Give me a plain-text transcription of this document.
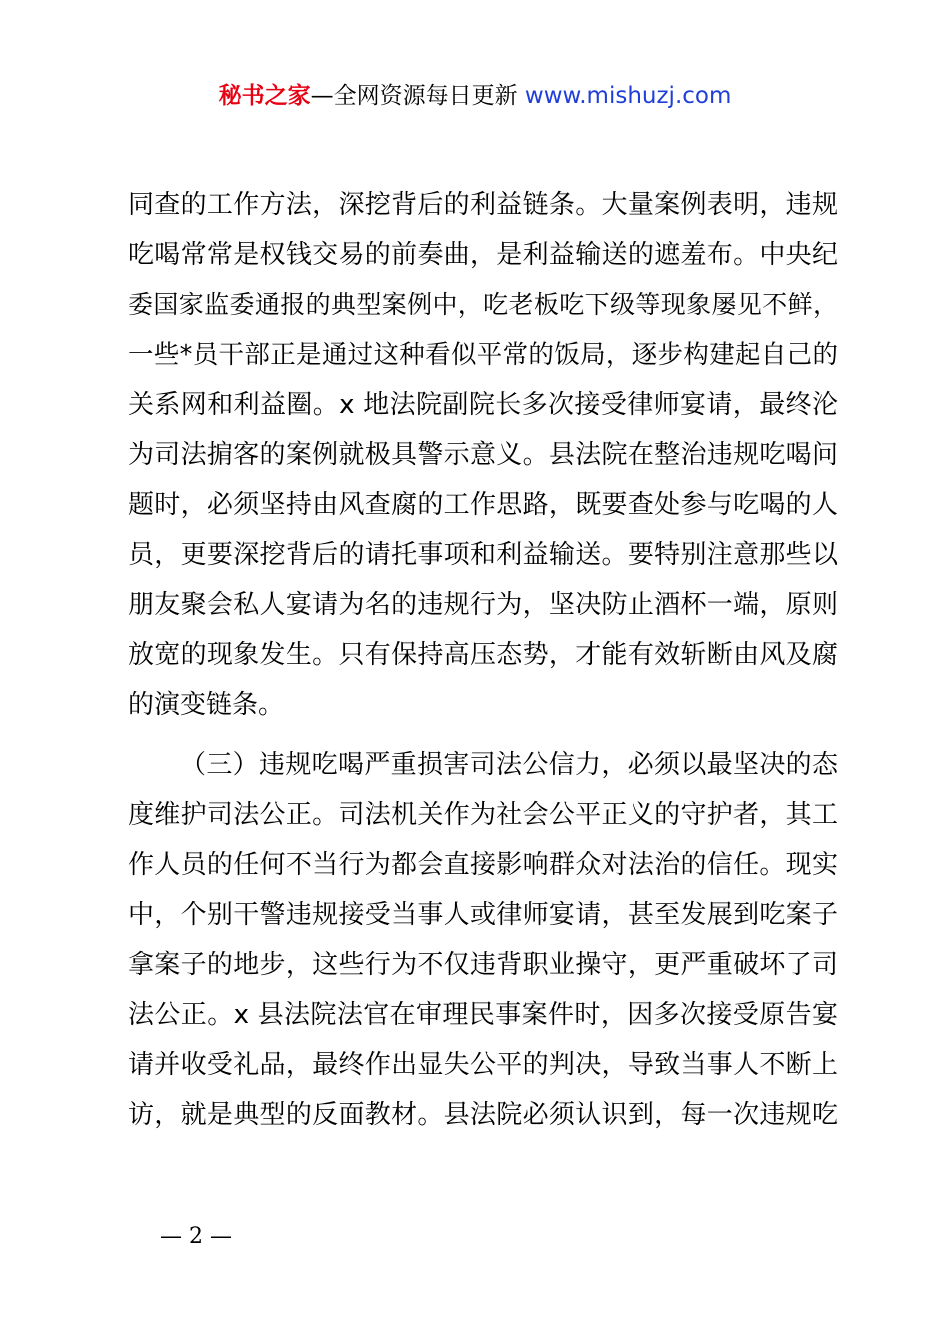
秘书之家—全网资源每日更新 www.mishuzj.com

同查的工作方法，深挖背后的利益链条。大量案例表明，违规
吃喝常常是权钱交易的前奏曲，是利益输送的遮羞布。中央纪
委国家监委通报的典型案例中，吃老板吃下级等现象屡见不鲜，
一些*员干部正是通过这种看似平常的饭局，逐步构建起自己的
关系网和利益圈。x 地法院副院长多次接受律师宴请，最终沦
为司法掮客的案例就极具警示意义。县法院在整治违规吃喝问
题时，必须坚持由风查腐的工作思路，既要查处参与吃喝的人
员，更要深挖背后的请托事项和利益输送。要特别注意那些以
朋友聚会私人宴请为名的违规行为，坚决防止酒杯一端，原则
放宽的现象发生。只有保持高压态势，才能有效斩断由风及腐
的演变链条。

（三）违规吃喝严重损害司法公信力，必须以最坚决的态
度维护司法公正。司法机关作为社会公平正义的守护者，其工
作人员的任何不当行为都会直接影响群众对法治的信任。现实
中，个别干警违规接受当事人或律师宴请，甚至发展到吃案子
拿案子的地步，这些行为不仅违背职业操守，更严重破坏了司
法公正。x 县法院法官在审理民事案件时，因多次接受原告宴
请并收受礼品，最终作出显失公平的判决，导致当事人不断上
访，就是典型的反面教材。县法院必须认识到，每一次违规吃

— 2 —
